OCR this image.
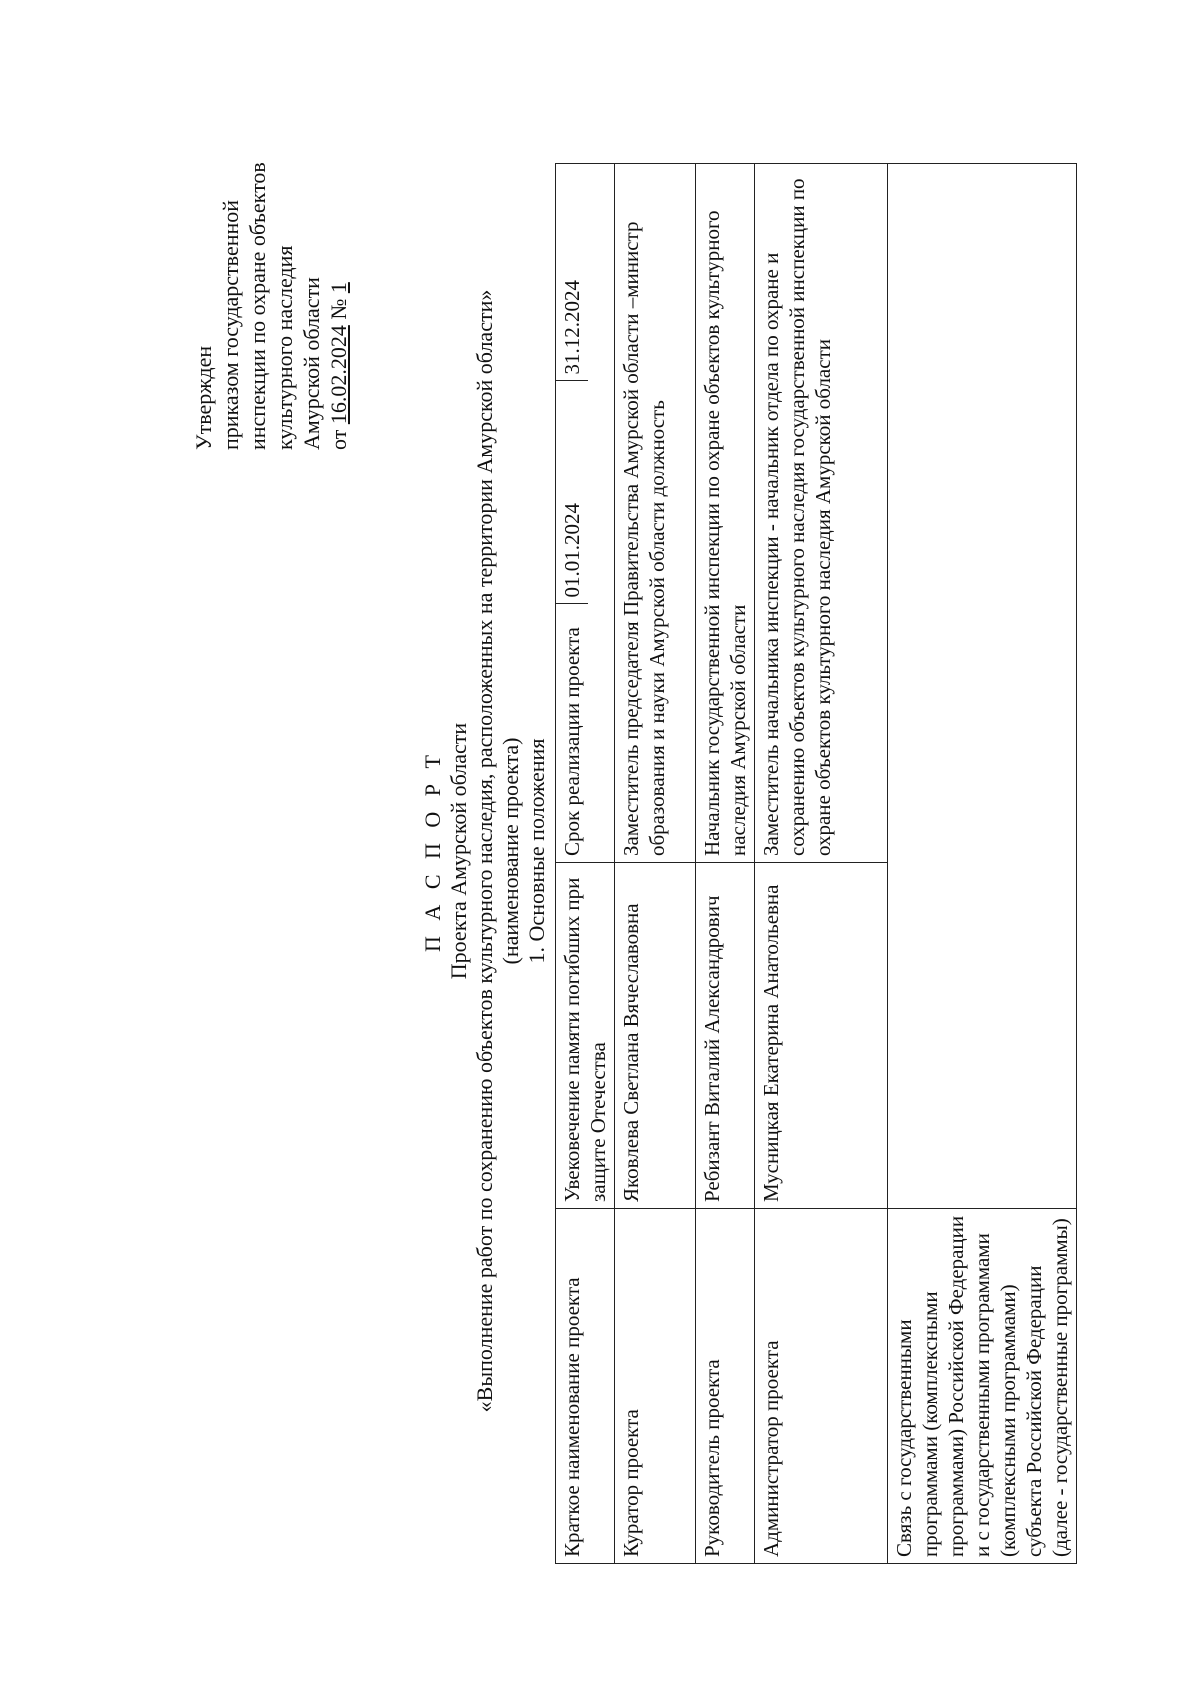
Утвержден приказом государственной инспекции по охране объектов культурного наследия Амурской области от 16.02.2024 № 1
П А С П О Р Т Проекта Амурской области «Выполнение работ по сохранению объектов культурного наследия, расположенных на территории Амурской области» (наименование проекта) 1. Основные положения
Краткое наименование проекта	Увековечение памяти погибших при защите Отечества	
Срок реализации проекта	01.01.2024	31.12.2024

Куратор проекта	Яковлева Светлана Вячеславовна	Заместитель председателя Правительства Амурской области –министр образования и науки Амурской области должность
Руководитель проекта	Ребизант Виталий Александрович	Начальник государственной инспекции по охране объектов культурного наследия Амурской области
Администратор проекта	Мусницкая Екатерина Анатольевна	Заместитель начальника инспекции - начальник отдела по охране и сохранению объектов культурного наследия государственной инспекции по охране объектов культурного наследия Амурской области
Связь с государственными программами (комплексными программами) Российской Федерации и с государственными программами (комплексными программами) субъекта Российской Федерации (далее - государственные программы)	
